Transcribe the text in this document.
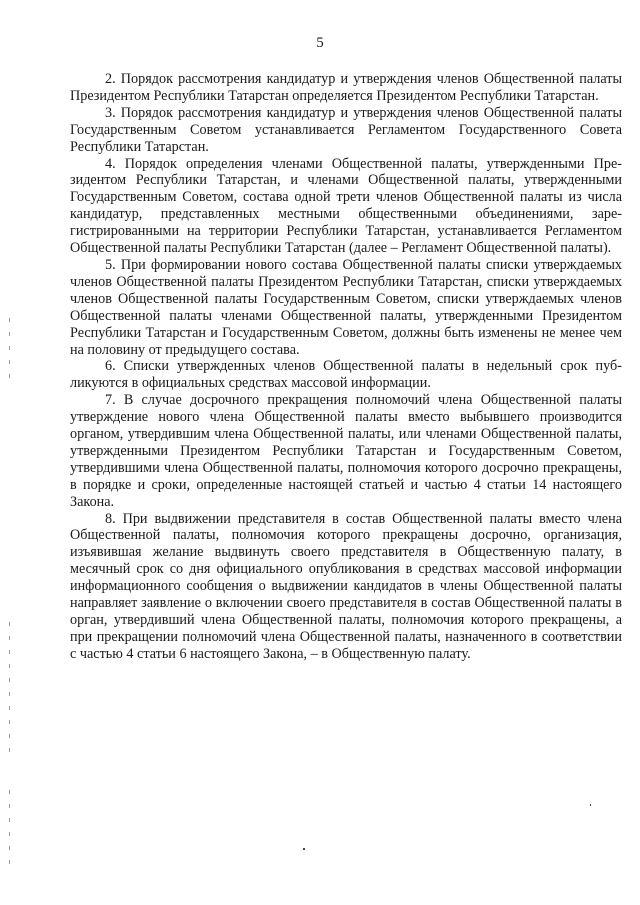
5

2. Порядок рассмотрения кандидатур и утверждения членов Общественной палаты Президентом Республики Татарстан определяется Президентом Республики Татарстан.

3. Порядок рассмотрения кандидатур и утверждения членов Общественной палаты Государственным Советом устанавливается Регламентом Государственного Совета Республики Татарстан.

4. Порядок определения членами Общественной палаты, утвержденными Президентом Республики Татарстан, и членами Общественной палаты, утвержденными Государственным Советом, состава одной трети членов Общественной палаты из числа кандидатур, представленных местными общественными объединениями, зарегистрированными на территории Республики Татарстан, устанавливается Регламентом Общественной палаты Республики Татарстан (далее – Регламент Общественной палаты).

5. При формировании нового состава Общественной палаты списки утверждаемых членов Общественной палаты Президентом Республики Татарстан, списки утверждаемых членов Общественной палаты Государственным Советом, списки утверждаемых членов Общественной палаты членами Общественной палаты, утвержденными Президентом Республики Татарстан и Государственным Советом, должны быть изменены не менее чем на половину от предыдущего состава.

6. Списки утвержденных членов Общественной палаты в недельный срок публикуются в официальных средствах массовой информации.

7. В случае досрочного прекращения полномочий члена Общественной палаты утверждение нового члена Общественной палаты вместо выбывшего производится органом, утвердившим члена Общественной палаты, или членами Общественной палаты, утвержденными Президентом Республики Татарстан и Государственным Советом, утвердившими члена Общественной палаты, полномочия которого досрочно прекращены, в порядке и сроки, определенные настоящей статьей и частью 4 статьи 14 настоящего Закона.

8. При выдвижении представителя в состав Общественной палаты вместо члена Общественной палаты, полномочия которого прекращены досрочно, организация, изъявившая желание выдвинуть своего представителя в Общественную палату, в месячный срок со дня официального опубликования в средствах массовой информации информационного сообщения о выдвижении кандидатов в члены Общественной палаты направляет заявление о включении своего представителя в состав Общественной палаты в орган, утвердивший члена Общественной палаты, полномочия которого прекращены, а при прекращении полномочий члена Общественной палаты, назначенного в соответствии с частью 4 статьи 6 настоящего Закона, – в Общественную палату.
